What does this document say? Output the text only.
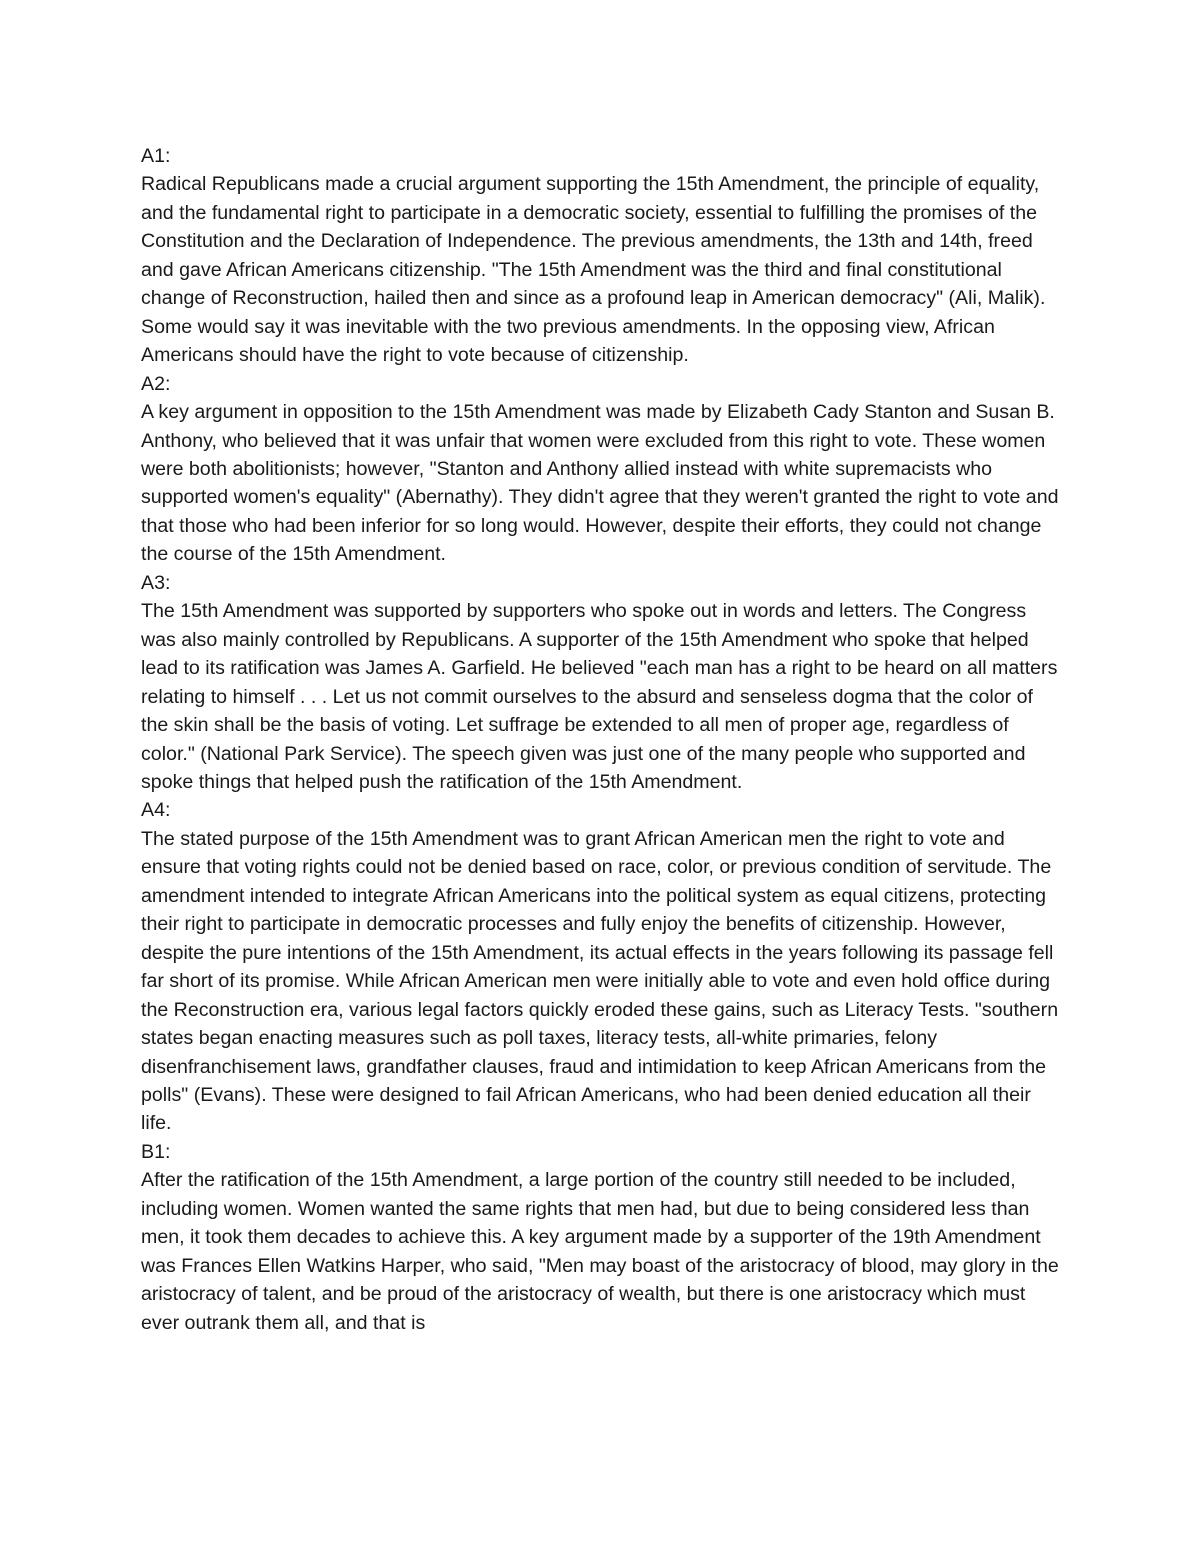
A1:

Radical Republicans made a crucial argument supporting the 15th Amendment, the principle of equality, and the fundamental right to participate in a democratic society, essential to fulfilling the promises of the Constitution and the Declaration of Independence. The previous amendments, the 13th and 14th, freed and gave African Americans citizenship. "The 15th Amendment was the third and final constitutional change of Reconstruction, hailed then and since as a profound leap in American democracy" (Ali, Malik). Some would say it was inevitable with the two previous amendments. In the opposing view, African Americans should have the right to vote because of citizenship.

A2:

A key argument in opposition to the 15th Amendment was made by Elizabeth Cady Stanton and Susan B. Anthony, who believed that it was unfair that women were excluded from this right to vote. These women were both abolitionists; however, "Stanton and Anthony allied instead with white supremacists who supported women's equality" (Abernathy). They didn't agree that they weren't granted the right to vote and that those who had been inferior for so long would. However, despite their efforts, they could not change the course of the 15th Amendment.

A3:

The 15th Amendment was supported by supporters who spoke out in words and letters. The Congress was also mainly controlled by Republicans. A supporter of the 15th Amendment who spoke that helped lead to its ratification was James A. Garfield. He believed "each man has a right to be heard on all matters relating to himself . . . Let us not commit ourselves to the absurd and senseless dogma that the color of the skin shall be the basis of voting. Let suffrage be extended to all men of proper age, regardless of color." (National Park Service). The speech given was just one of the many people who supported and spoke things that helped push the ratification of the 15th Amendment.

A4:

The stated purpose of the 15th Amendment was to grant African American men the right to vote and ensure that voting rights could not be denied based on race, color, or previous condition of servitude. The amendment intended to integrate African Americans into the political system as equal citizens, protecting their right to participate in democratic processes and fully enjoy the benefits of citizenship. However, despite the pure intentions of the 15th Amendment, its actual effects in the years following its passage fell far short of its promise. While African American men were initially able to vote and even hold office during the Reconstruction era, various legal factors quickly eroded these gains, such as Literacy Tests. "southern states began enacting measures such as poll taxes, literacy tests, all-white primaries, felony disenfranchisement laws, grandfather clauses, fraud and intimidation to keep African Americans from the polls" (Evans). These were designed to fail African Americans, who had been denied education all their life.

B1:

After the ratification of the 15th Amendment, a large portion of the country still needed to be included, including women. Women wanted the same rights that men had, but due to being considered less than men, it took them decades to achieve this. A key argument made by a supporter of the 19th Amendment was Frances Ellen Watkins Harper, who said, "Men may boast of the aristocracy of blood, may glory in the aristocracy of talent, and be proud of the aristocracy of wealth, but there is one aristocracy which must ever outrank them all, and that is
